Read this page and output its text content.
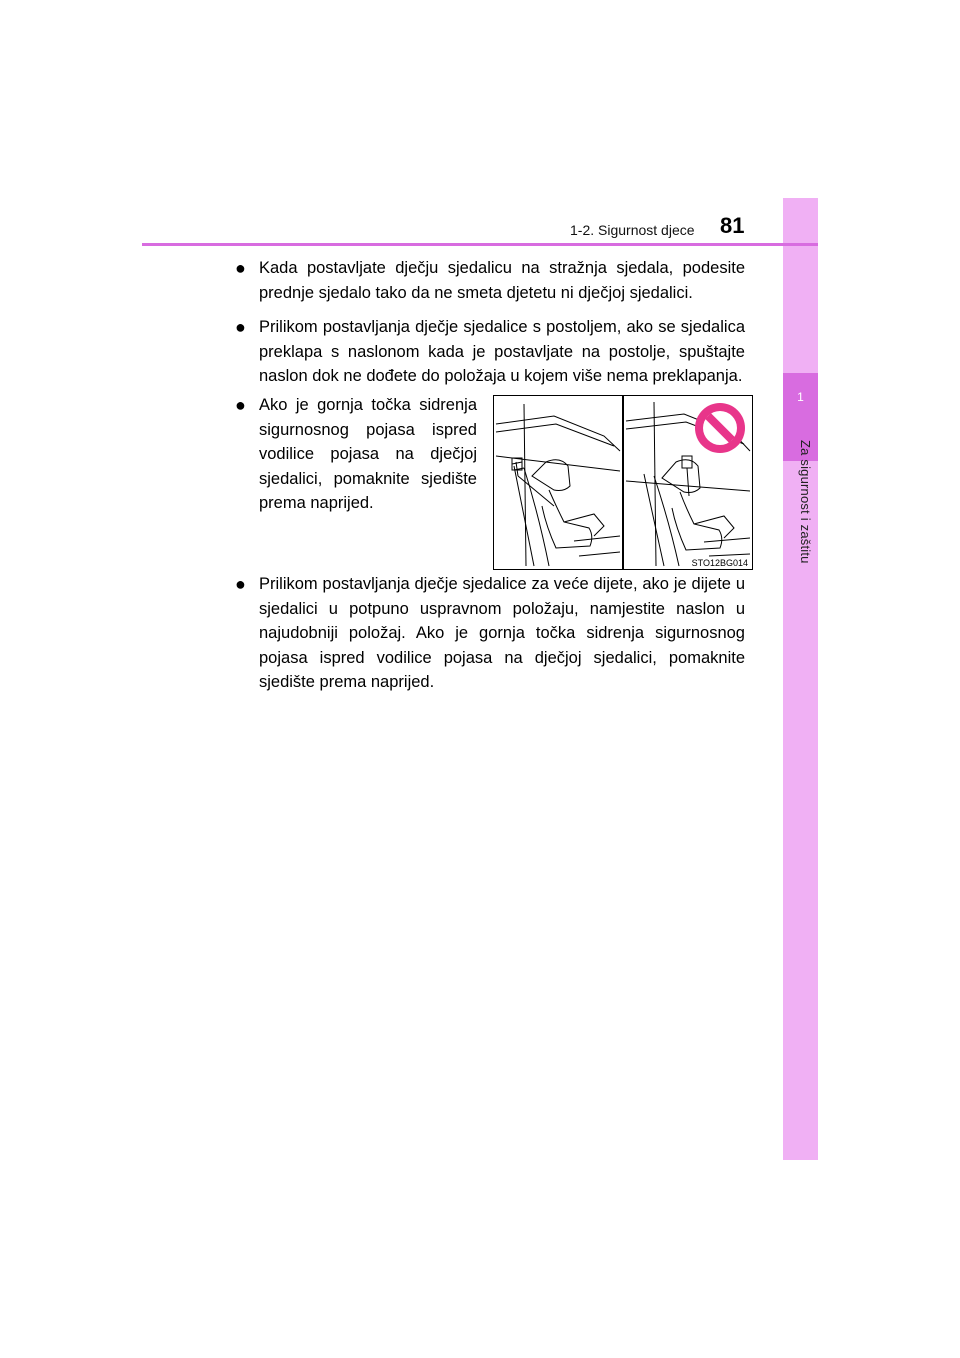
1
Za sigurnost i zaštitu
1-2. Sigurnost djece 81
● Kada postavljate dječju sjedalicu na stražnja sjedala, podesite prednje sjedalo tako da ne smeta djetetu ni dječjoj sjedalici.
● Prilikom postavljanja dječje sjedalice s postoljem, ako se sjedalica preklapa s naslonom kada je postavljate na postolje, spuštajte naslon dok ne dođete do položaja u kojem više nema preklapanja.
● Ako je gornja točka sidrenja sigurnosnog pojasa ispred vodilice pojasa na dječjoj sjedalici, pomaknite sjedište prema naprijed.
STO12BG014
● Prilikom postavljanja dječje sjedalice za veće dijete, ako je dijete u sjedalici u potpuno uspravnom položaju, namjestite naslon u najudobniji položaj. Ako je gornja točka sidrenja sigurnosnog pojasa ispred vodilice pojasa na dječjoj sjedalici, pomaknite sjedište prema naprijed.
